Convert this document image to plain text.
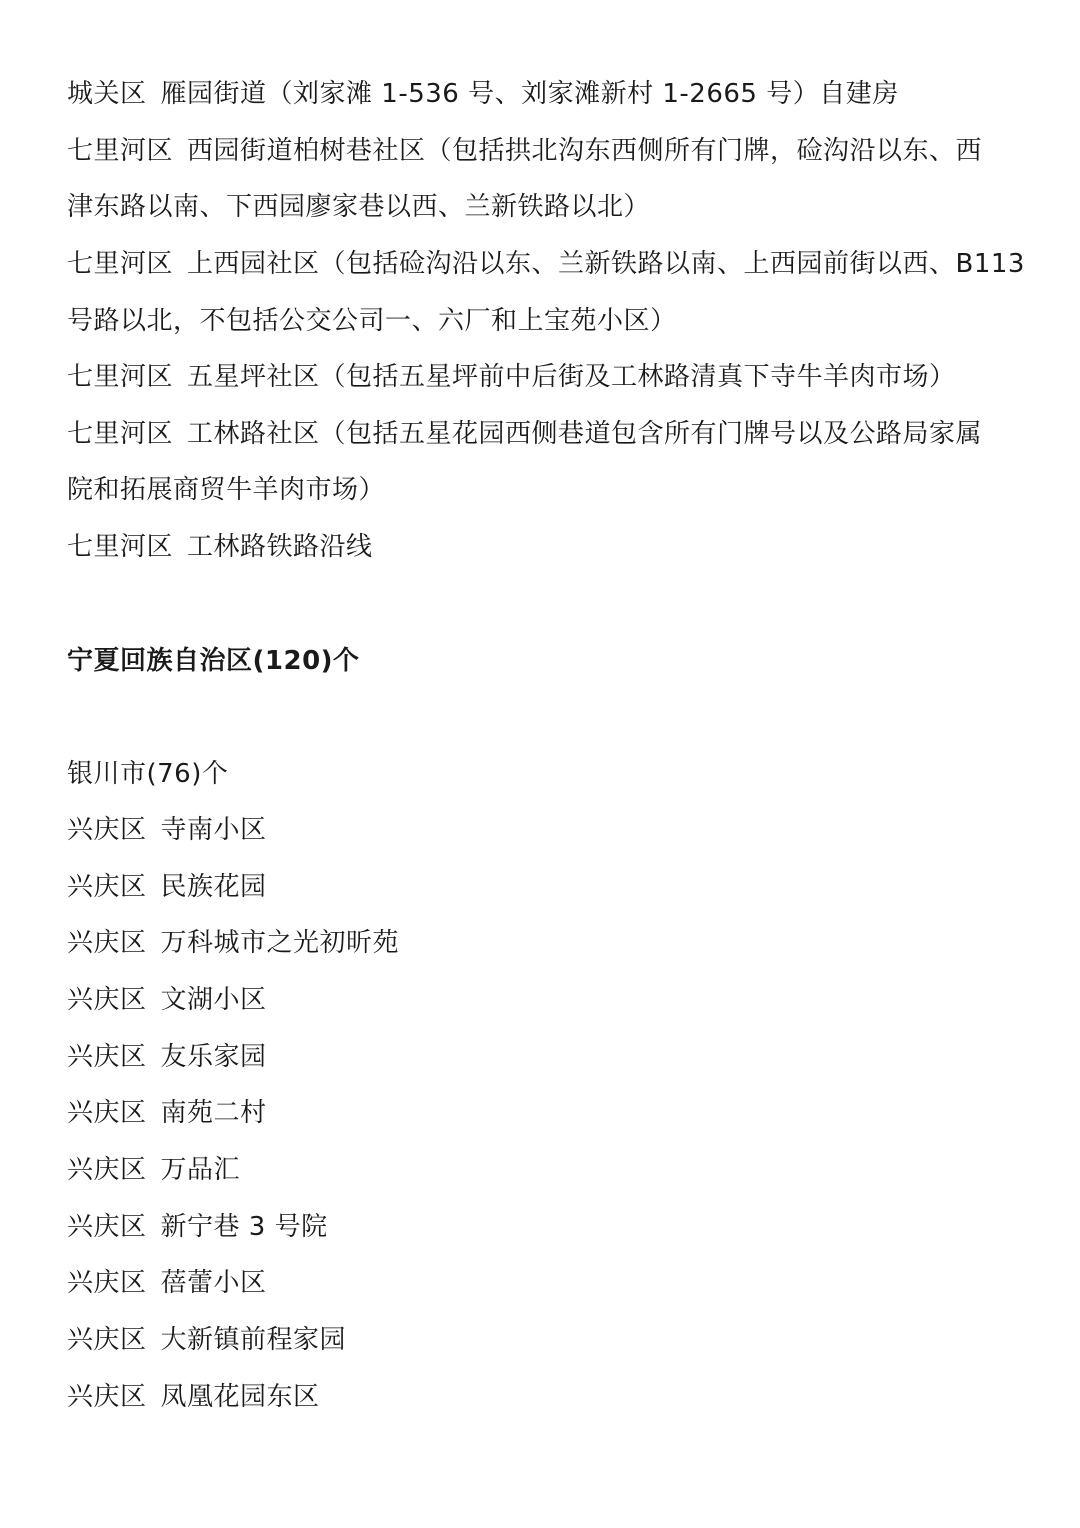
城关区 雁园街道（刘家滩 1-536 号、刘家滩新村 1-2665 号）自建房
七里河区 西园街道柏树巷社区（包括拱北沟东西侧所有门牌，硷沟沿以东、西
津东路以南、下西园廖家巷以西、兰新铁路以北）
七里河区 上西园社区（包括硷沟沿以东、兰新铁路以南、上西园前街以西、B113
号路以北，不包括公交公司一、六厂和上宝苑小区）
七里河区 五星坪社区（包括五星坪前中后街及工林路清真下寺牛羊肉市场）
七里河区 工林路社区（包括五星花园西侧巷道包含所有门牌号以及公路局家属
院和拓展商贸牛羊肉市场）
七里河区 工林路铁路沿线
宁夏回族自治区(120)个
银川市(76)个
兴庆区 寺南小区
兴庆区 民族花园
兴庆区 万科城市之光初昕苑
兴庆区 文湖小区
兴庆区 友乐家园
兴庆区 南苑二村
兴庆区 万品汇
兴庆区 新宁巷 3 号院
兴庆区 蓓蕾小区
兴庆区 大新镇前程家园
兴庆区 凤凰花园东区
